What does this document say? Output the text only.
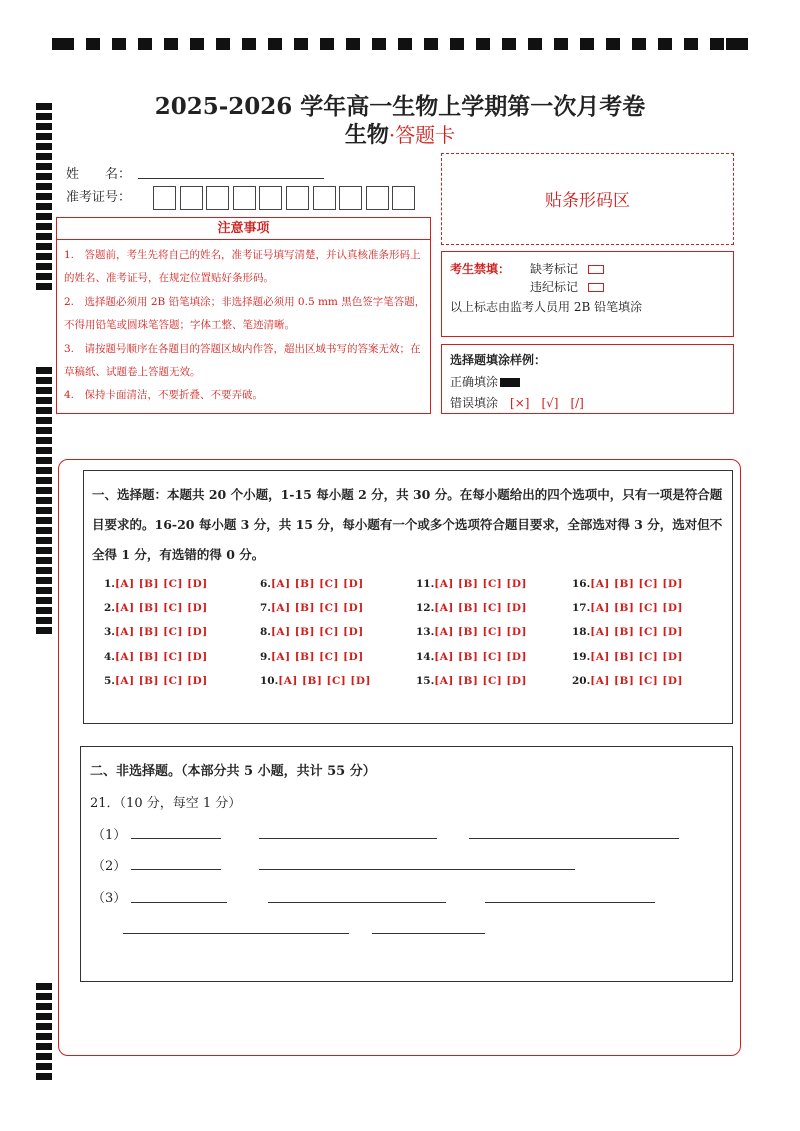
2025-2026 学年高一生物上学期第一次月考卷
生物·答题卡
姓　　名：
准考证号：	贴条形码区
注意事项
1.　答题前，考生先将自己的姓名，准考证号填写清楚，并认真核准条形码上的姓名、准考证号，在规定位置贴好条形码。
2.　选择题必须用 2B 铅笔填涂；非选择题必须用 0.5 mm 黑色签字笔答题，不得用铅笔或圆珠笔答题；字体工整、笔迹清晰。
3.　请按题号顺序在各题目的答题区域内作答，超出区域书写的答案无效；在草稿纸、试题卷上答题无效。
4.　保持卡面清洁，不要折叠、不要弄破。
考生禁填： 缺考标记
违纪标记
以上标志由监考人员用 2B 铅笔填涂
选择题填涂样例：
正确填涂
错误填涂　 [×]　[√]　[/]
一、选择题：本题共 20 个小题，1-15 每小题 2 分，共 30 分。在每小题给出的四个选项中，只有一项是符合题目要求的。16-20 每小题 3 分，共 15 分，每小题有一个或多个选项符合题目要求，全部选对得 3 分，选对但不全得 1 分，有选错的得 0 分。
1.[A] [B] [C] [D]
2.[A] [B] [C] [D]
3.[A] [B] [C] [D]
4.[A] [B] [C] [D]
5.[A] [B] [C] [D]
6.[A] [B] [C] [D]
7.[A] [B] [C] [D]
8.[A] [B] [C] [D]
9.[A] [B] [C] [D]
10.[A] [B] [C] [D]
11.[A] [B] [C] [D]
12.[A] [B] [C] [D]
13.[A] [B] [C] [D]
14.[A] [B] [C] [D]
15.[A] [B] [C] [D]
16.[A] [B] [C] [D]
17.[A] [B] [C] [D]
18.[A] [B] [C] [D]
19.[A] [B] [C] [D]
20.[A] [B] [C] [D]
二、非选择题。（本部分共 5 小题，共计 55 分）
21．（10 分，每空 1 分）
（1）
（2）
（3）
